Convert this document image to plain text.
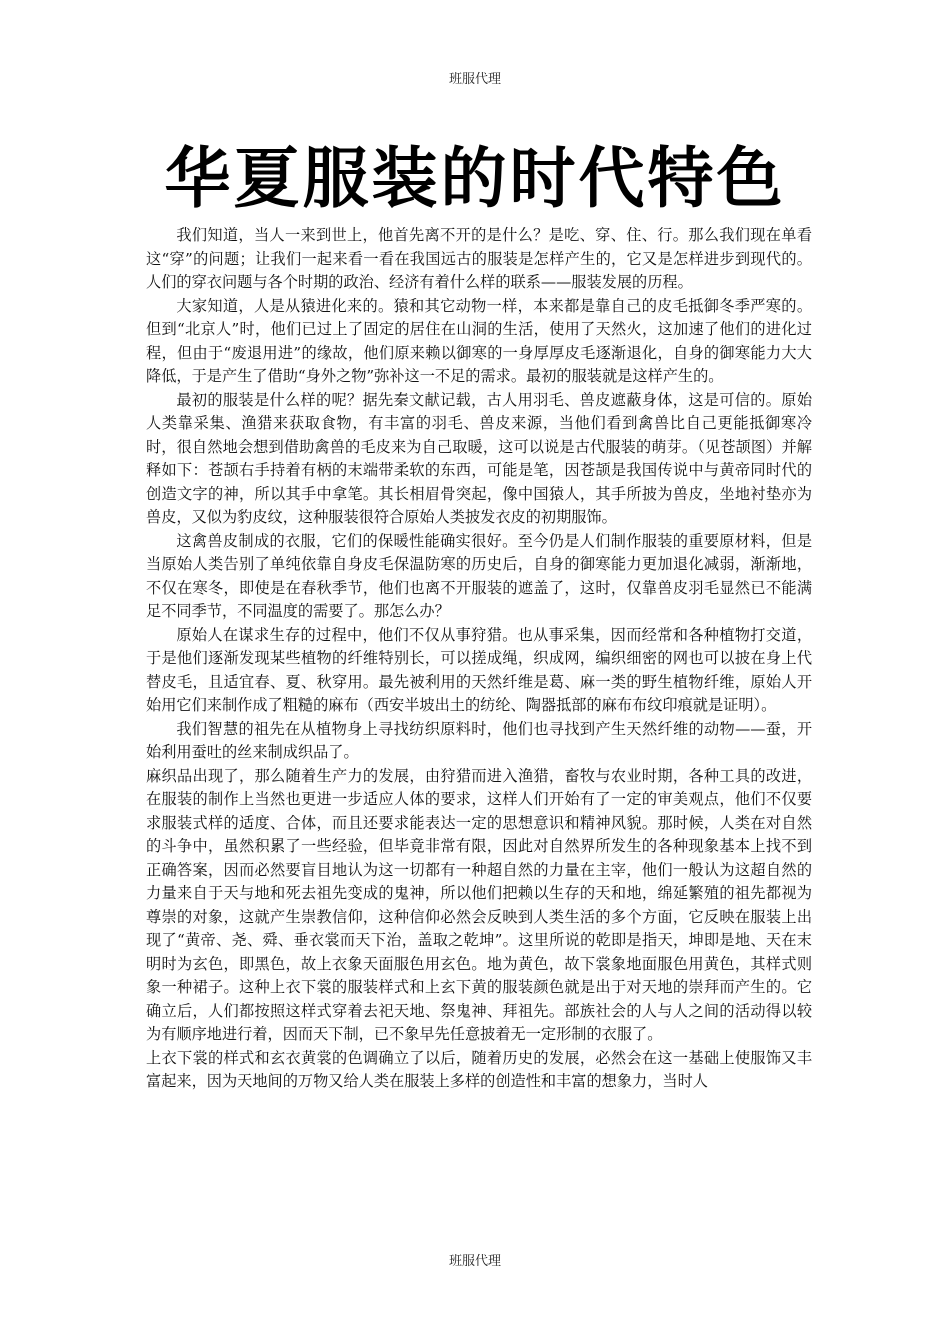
班服代理
华夏服装的时代特色

我们知道，当人一来到世上，他首先离不开的是什么？是吃、穿、住、行。那么我们现在单看这“穿”的问题；让我们一起来看一看在我国远古的服装是怎样产生的，它又是怎样进步到现代的。人们的穿衣问题与各个时期的政治、经济有着什么样的联系——服装发展的历程。

大家知道，人是从猿进化来的。猿和其它动物一样，本来都是靠自己的皮毛抵御冬季严寒的。但到“北京人”时，他们已过上了固定的居住在山洞的生活，使用了天然火，这加速了他们的进化过程，但由于“废退用进”的缘故，他们原来赖以御寒的一身厚厚皮毛逐渐退化，自身的御寒能力大大降低，于是产生了借助“身外之物”弥补这一不足的需求。最初的服装就是这样产生的。

最初的服装是什么样的呢？据先秦文献记载，古人用羽毛、兽皮遮蔽身体，这是可信的。原始人类靠采集、渔猎来获取食物，有丰富的羽毛、兽皮来源，当他们看到禽兽比自己更能抵御寒冷时，很自然地会想到借助禽兽的毛皮来为自己取暖，这可以说是古代服装的萌芽。（见苍颉图）并解释如下：苍颉右手持着有柄的末端带柔软的东西，可能是笔，因苍颉是我国传说中与黄帝同时代的创造文字的神，所以其手中拿笔。其长相眉骨突起，像中国猿人，其手所披为兽皮，坐地衬垫亦为兽皮，又似为豹皮纹，这种服装很符合原始人类披发衣皮的初期服饰。

这禽兽皮制成的衣服，它们的保暖性能确实很好。至今仍是人们制作服装的重要原材料，但是当原始人类告别了单纯依靠自身皮毛保温防寒的历史后，自身的御寒能力更加退化减弱，渐渐地，不仅在寒冬，即使是在春秋季节，他们也离不开服装的遮盖了，这时，仅靠兽皮羽毛显然已不能满足不同季节，不同温度的需要了。那怎么办？

原始人在谋求生存的过程中，他们不仅从事狩猎。也从事采集，因而经常和各种植物打交道，于是他们逐渐发现某些植物的纤维特别长，可以搓成绳，织成网，编织细密的网也可以披在身上代替皮毛，且适宜春、夏、秋穿用。最先被利用的天然纤维是葛、麻一类的野生植物纤维，原始人开始用它们来制作成了粗糙的麻布（西安半坡出土的纺纶、陶器抵部的麻布布纹印痕就是证明）。

我们智慧的祖先在从植物身上寻找纺织原料时，他们也寻找到产生天然纤维的动物——蚕，开始利用蚕吐的丝来制成织品了。

麻织品出现了，那么随着生产力的发展，由狩猎而进入渔猎，畜牧与农业时期，各种工具的改进，在服装的制作上当然也更进一步适应人体的要求，这样人们开始有了一定的审美观点，他们不仅要求服装式样的适度、合体，而且还要求能表达一定的思想意识和精神风貌。那时候，人类在对自然的斗争中，虽然积累了一些经验，但毕竟非常有限，因此对自然界所发生的各种现象基本上找不到正确答案，因而必然要盲目地认为这一切都有一种超自然的力量在主宰，他们一般认为这超自然的力量来自于天与地和死去祖先变成的鬼神，所以他们把赖以生存的天和地，绵延繁殖的祖先都视为尊崇的对象，这就产生崇教信仰，这种信仰必然会反映到人类生活的多个方面，它反映在服装上出现了“黄帝、尧、舜、垂衣裳而天下治，盖取之乾坤”。这里所说的乾即是指天，坤即是地、天在末明时为玄色，即黑色，故上衣象天面服色用玄色。地为黄色，故下裳象地面服色用黄色，其样式则象一种裙子。这种上衣下裳的服装样式和上玄下黄的服装颜色就是出于对天地的崇拜而产生的。它确立后，人们都按照这样式穿着去祀天地、祭鬼神、拜祖先。部族社会的人与人之间的活动得以较为有顺序地进行着，因而天下制，已不象早先任意披着无一定形制的衣服了。

上衣下裳的样式和玄衣黄裳的色调确立了以后，随着历史的发展，必然会在这一基础上使服饰又丰富起来，因为天地间的万物又给人类在服装上多样的创造性和丰富的想象力，当时人

班服代理
